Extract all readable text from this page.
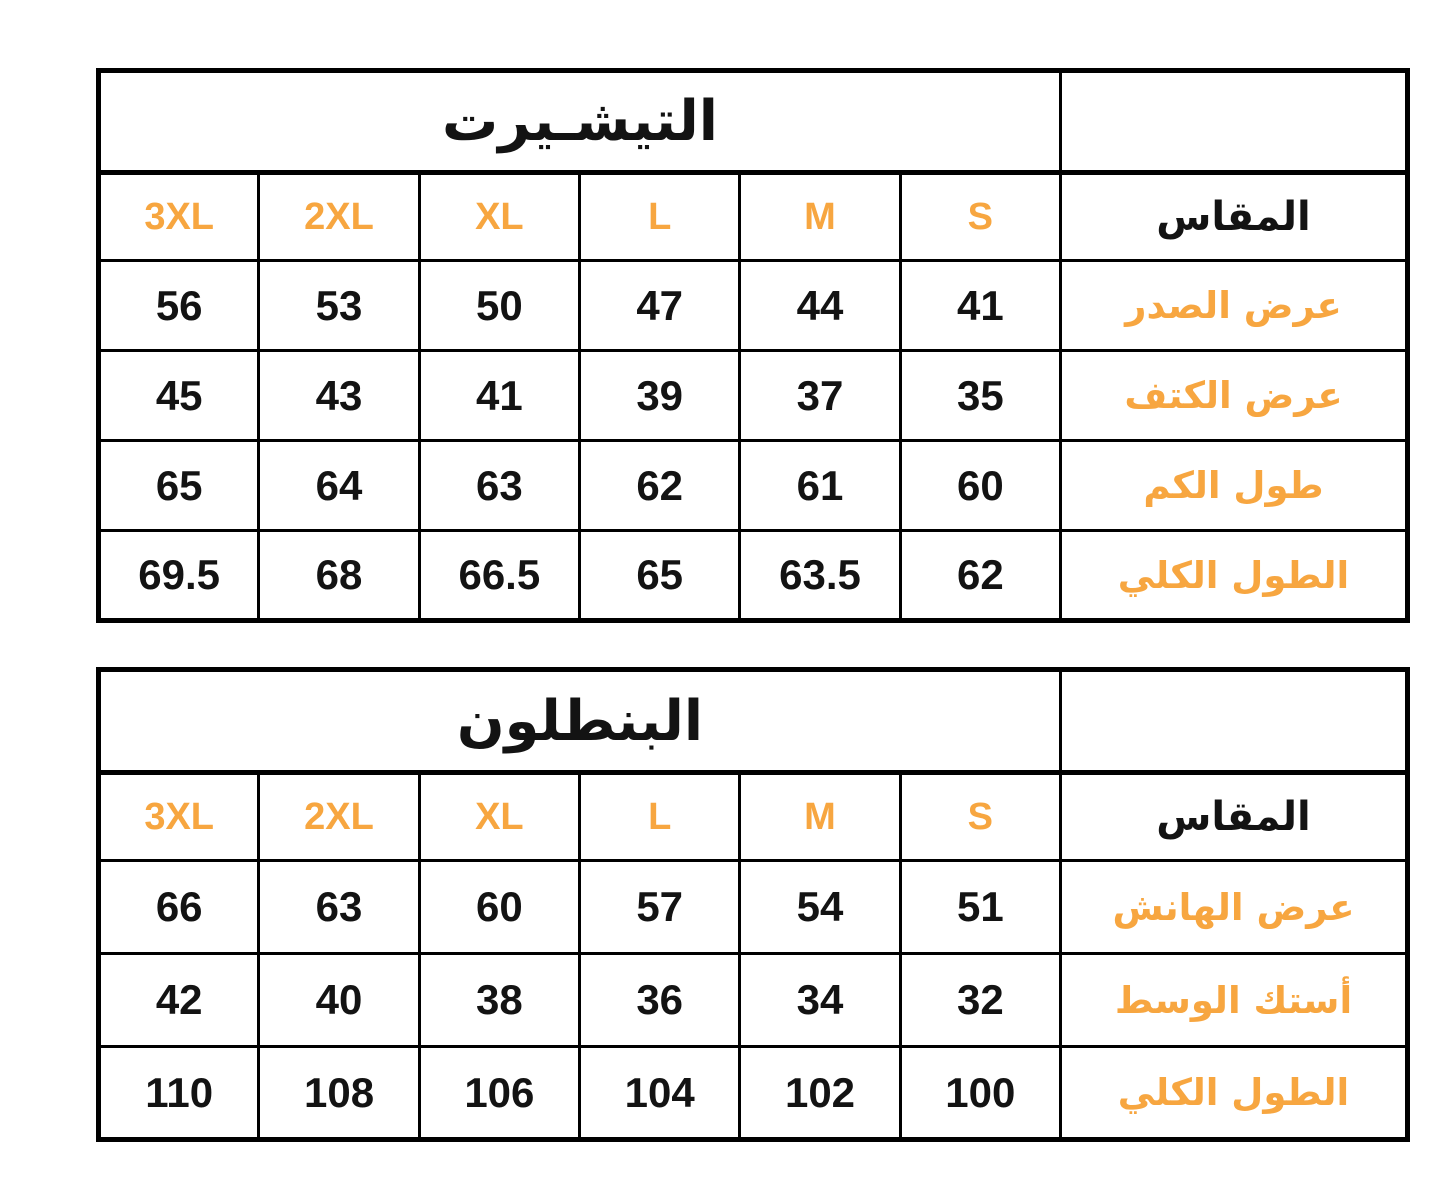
	التيشـيرت					
المقاس	S	M	L	XL	2XL	3XL
عرض الصدر	41	44	47	50	53	56
عرض الكتف	35	37	39	41	43	45
طول الكم	60	61	62	63	64	65
الطول الكلي	62	63.5	65	66.5	68	69.5
	البنطلون					
المقاس	S	M	L	XL	2XL	3XL
عرض الهانش	51	54	57	60	63	66
أستك الوسط	32	34	36	38	40	42
الطول الكلي	100	102	104	106	108	110
